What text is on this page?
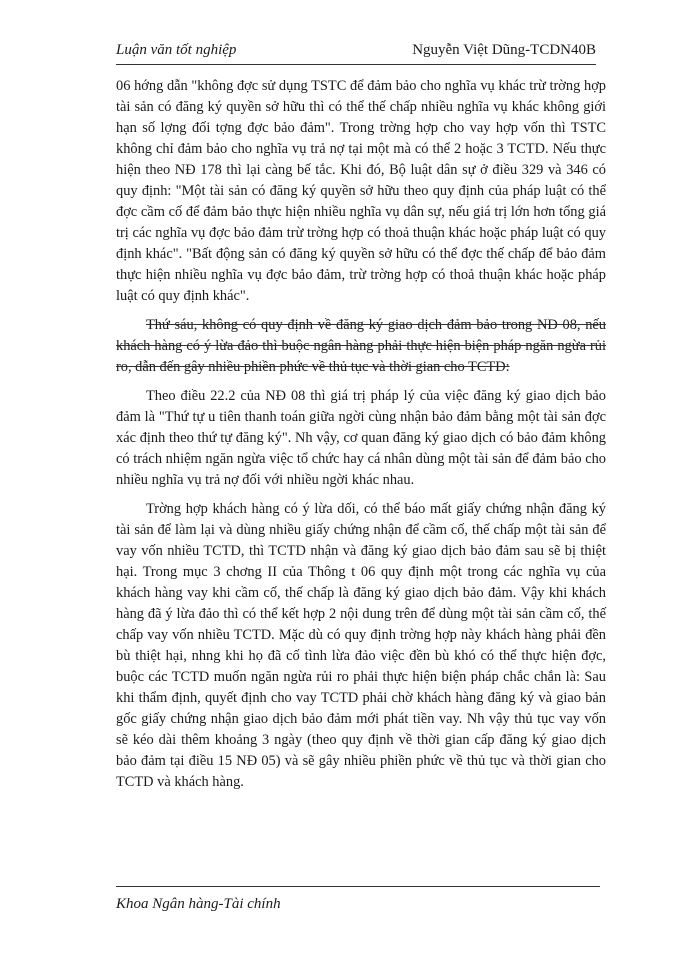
Luận văn tốt nghiệp	Nguyễn Việt Dũng-TCDN40B

06 hớng dẫn "không đợc sử dụng TSTC để đảm bảo cho nghĩa vụ khác trừ trờng hợp tài sản có đăng ký quyền sở hữu thì có thể thế chấp nhiều nghĩa vụ khác không giới hạn số lợng đối tợng đợc bảo đảm". Trong trờng hợp cho vay hợp vốn thì TSTC không chỉ đảm bảo cho nghĩa vụ trả nợ tại một mà có thể 2 hoặc 3 TCTD. Nếu thực hiện theo NĐ 178 thì lại càng bế tắc. Khi đó, Bộ luật dân sự ở điều 329 và 346 có quy định: "Một tài sản có đăng ký quyền sở hữu theo quy định của pháp luật có thể đợc cầm cố để đảm bảo thực hiện nhiều nghĩa vụ dân sự, nếu giá trị lớn hơn tổng giá trị các nghĩa vụ đợc bảo đảm trừ trờng hợp có thoả thuận khác hoặc pháp luật có quy định khác". "Bất động sản có đăng ký quyền sở hữu có thể đợc thế chấp để bảo đảm thực hiện nhiều nghĩa vụ đợc bảo đảm, trừ trờng hợp có thoả thuận khác hoặc pháp luật có quy định khác".

Thứ sáu, không có quy định về đăng ký giao dịch đảm bảo trong NĐ 08, nếu khách hàng có ý lừa đảo thì buộc ngân hàng phải thực hiện biện pháp ngăn ngừa rủi ro, dẫn đến gây nhiều phiền phức về thủ tục và thời gian cho TCTD:

Theo điều 22.2 của NĐ 08 thì giá trị pháp lý của việc đăng ký giao dịch bảo đảm là "Thứ tự u tiên thanh toán giữa ngời cùng nhận bảo đảm bằng một tài sản đợc xác định theo thứ tự đăng ký". Nh vậy, cơ quan đăng ký giao dịch có bảo đảm không có trách nhiệm ngăn ngừa việc tổ chức hay cá nhân dùng một tài sản để đảm bảo cho nhiều nghĩa vụ trả nợ đối với nhiều ngời khác nhau.

Trờng hợp khách hàng có ý lừa dối, có thể báo mất giấy chứng nhận đăng ký tài sản để làm lại và dùng nhiều giấy chứng nhận để cầm cố, thế chấp một tài sản để vay vốn nhiều TCTD, thì TCTD nhận và đăng ký giao dịch bảo đảm sau sẽ bị thiệt hại. Trong mục 3 chơng II của Thông t 06 quy định một trong các nghĩa vụ của khách hàng vay khi cầm cố, thế chấp là đăng ký giao dịch bảo đảm. Vậy khi khách hàng đã ý lừa đảo thì có thể kết hợp 2 nội dung trên để dùng một tài sản cầm cố, thế chấp vay vốn nhiều TCTD. Mặc dù có quy định trờng hợp này khách hàng phải đền bù thiệt hại, nhng khi họ đã cố tình lừa đảo việc đền bù khó có thể thực hiện đợc, buộc các TCTD muốn ngăn ngừa rủi ro phải thực hiện biện pháp chắc chắn là: Sau khi thẩm định, quyết định cho vay TCTD phải chờ khách hàng đăng ký và giao bản gốc giấy chứng nhận giao dịch bảo đảm mới phát tiền vay. Nh vậy thủ tục vay vốn sẽ kéo dài thêm khoảng 3 ngày (theo quy định về thời gian cấp đăng ký giao dịch bảo đảm tại điều 15 NĐ 05) và sẽ gây nhiều phiền phức về thủ tục và thời gian cho TCTD và khách hàng.

Khoa Ngân hàng-Tài chính
